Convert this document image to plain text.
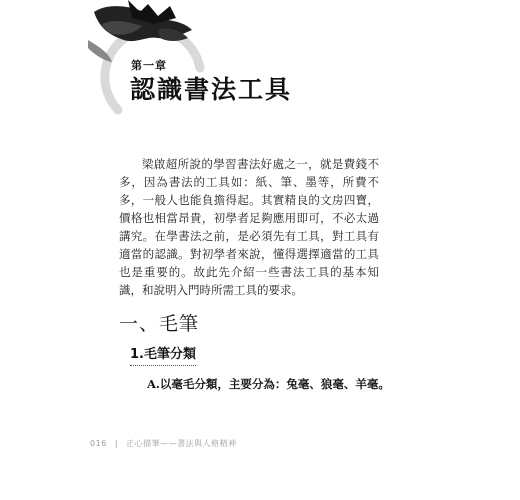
第一章
認識書法工具

梁啟超所說的學習書法好處之一，就是費錢不多，因為書法的工具如：紙、筆、墨等，所費不多，一般人也能負擔得起。其實精良的文房四寶，價格也相當昂貴，初學者足夠應用即可，不必太過講究。在學書法之前，是必須先有工具，對工具有適當的認識。對初學者來說，懂得選擇適當的工具也是重要的。故此先介紹一些書法工具的基本知識，和說明入門時所需工具的要求。

一、毛筆
1.毛筆分類
A.以毫毛分類，主要分為：兔毫、狼毫、羊毫。
016 | 正心描筆——書法與人格精神
